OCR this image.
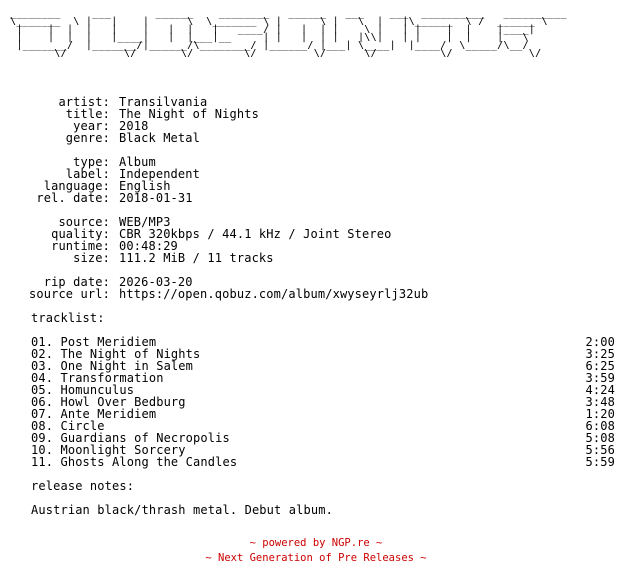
________     ___       ______    ________   ______   ___    ___  __________   __________
\_______  \ |   |    |      \  \_______ \ |      \ |   \  |   |\______  \ /  ______ \
|    |  |  |   |    |   |  |   |   ____/ |   |  | |    \ |   | |    |  |    |____|
|    |  |  |   |____|   |  |___|__     | |   |  | |   |\\|   | |    |  |    |   \
|_______/  |_______/|______/\________/ |______/ |___| \____|  |____/  \_____/\__/
\/         \/       \/        \/         \/      \/          \/            \/
artist: Transilvania
title: The Night of Nights
year: 2018
genre: Black Metal
type: Album
label: Independent
language: English
rel. date: 2018-01-31
source: WEB/MP3
quality: CBR 320kbps / 44.1 kHz / Joint Stereo
runtime: 00:48:29
size: 111.2 MiB / 11 tracks
rip date: 2026-03-20
source url: https://open.qobuz.com/album/xwyseyrlj32ub
tracklist:
01. Post Meridiem	2:00
02. The Night of Nights	3:25
03. One Night in Salem	6:25
04. Transformation	3:59
05. Homunculus	4:24
06. Howl Over Bedburg	3:48
07. Ante Meridiem	1:20
08. Circle	6:08
09. Guardians of Necropolis	5:08
10. Moonlight Sorcery	5:56
11. Ghosts Along the Candles	5:59
release notes:
Austrian black/thrash metal. Debut album.
~ powered by NGP.re ~
~ Next Generation of Pre Releases ~
